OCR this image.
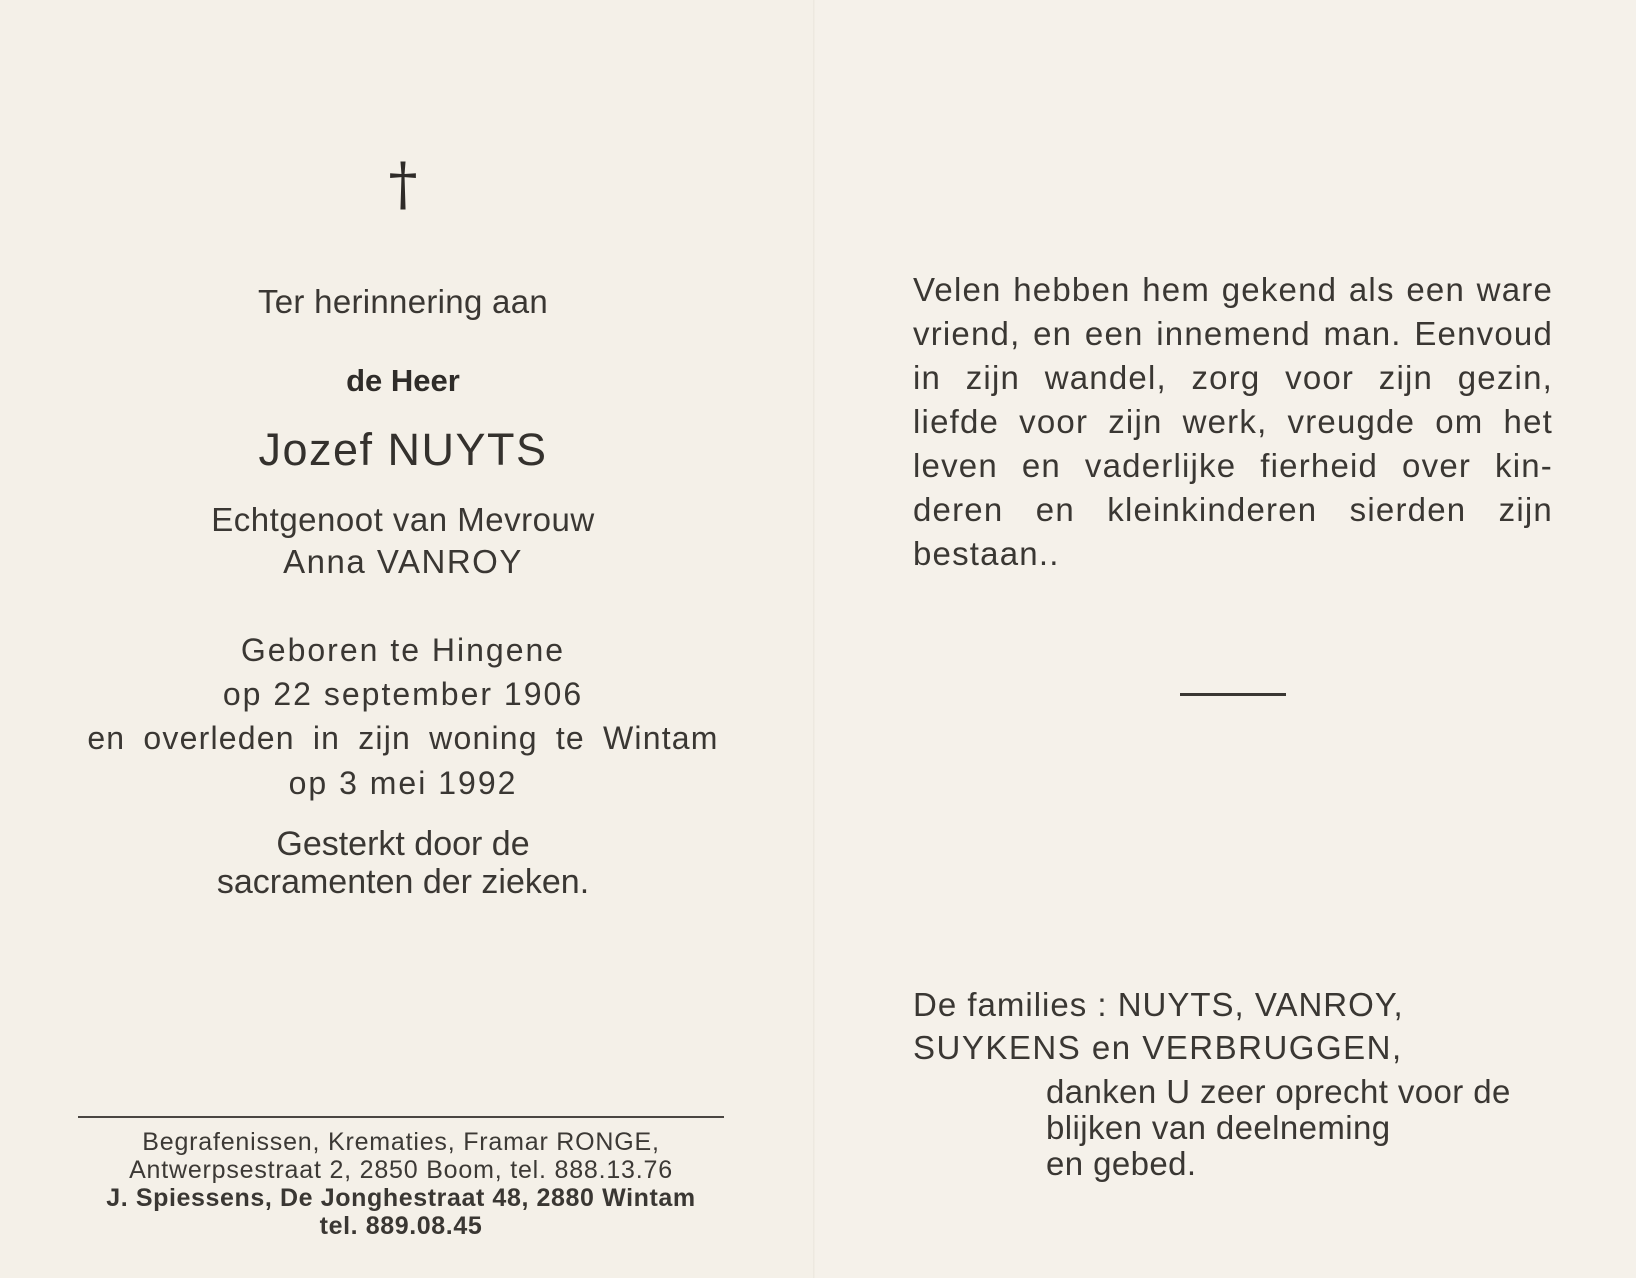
†
Ter herinnering aan
de Heer
Jozef NUYTS
Echtgenoot van Mevrouw
Anna VANROY
Geboren te Hingene
op 22 september 1906
en overleden in zijn woning te Wintam
op 3 mei 1992
Gesterkt door de
sacramenten der zieken.
Begrafenissen, Krematies, Framar RONGE,
Antwerpsestraat 2, 2850 Boom, tel. 888.13.76
J. Spiessens, De Jonghestraat 48, 2880 Wintam
tel. 889.08.45
Velen hebben hem gekend als een ware
vriend, en een innemend man. Eenvoud
in zijn wandel, zorg voor zijn gezin,
liefde voor zijn werk, vreugde om het
leven en vaderlijke fierheid over kin-
deren en kleinkinderen sierden zijn
bestaan..
De families : NUYTS, VANROY,
SUYKENS en VERBRUGGEN,
danken U zeer oprecht voor de
blijken van deelneming
en gebed.
